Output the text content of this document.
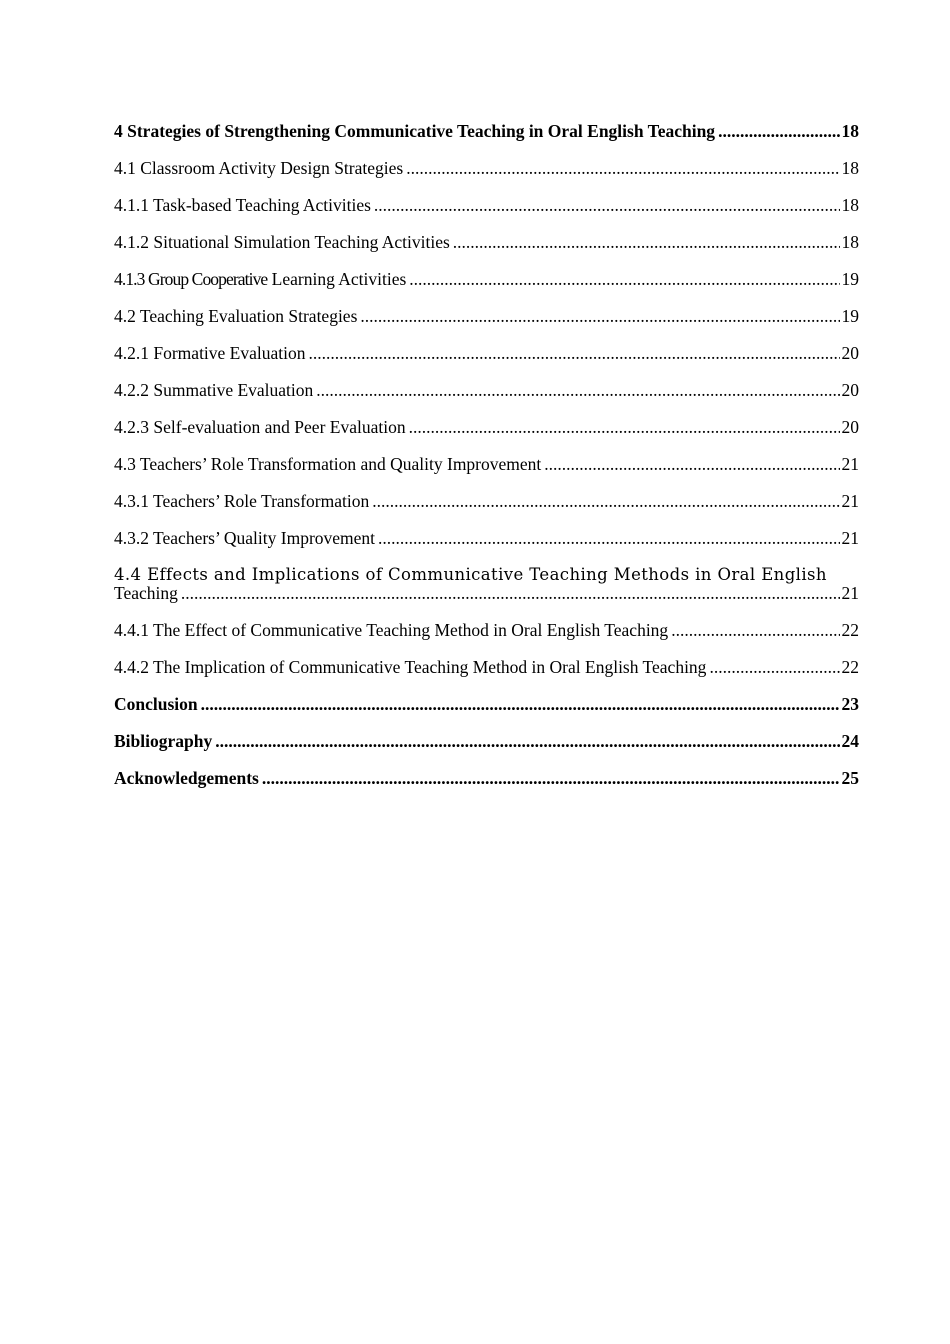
4 Strategies of Strengthening Communicative Teaching in Oral English Teaching .....	18
4.1 Classroom Activity Design Strategies .....	18
4.1.1 Task-based Teaching Activities .....	18
4.1.2 Situational Simulation Teaching Activities .....	18
4.1.3 Group Cooperative Learning Activities .....	19
4.2 Teaching Evaluation Strategies .....	19
4.2.1 Formative Evaluation .....	20
4.2.2 Summative Evaluation .....	20
4.2.3 Self-evaluation and Peer Evaluation .....	20
4.3 Teachers’ Role Transformation and Quality Improvement .....	21
4.3.1 Teachers’ Role Transformation .....	21
4.3.2 Teachers’ Quality Improvement .....	21
4.4 Effects and Implications of Communicative Teaching Methods in Oral English
Teaching .....	21
4.4.1 The Effect of Communicative Teaching Method in Oral English Teaching .....	22
4.4.2 The Implication of Communicative Teaching Method in Oral English Teaching .....	22
Conclusion .....	23
Bibliography .....	24
Acknowledgements .....	25
